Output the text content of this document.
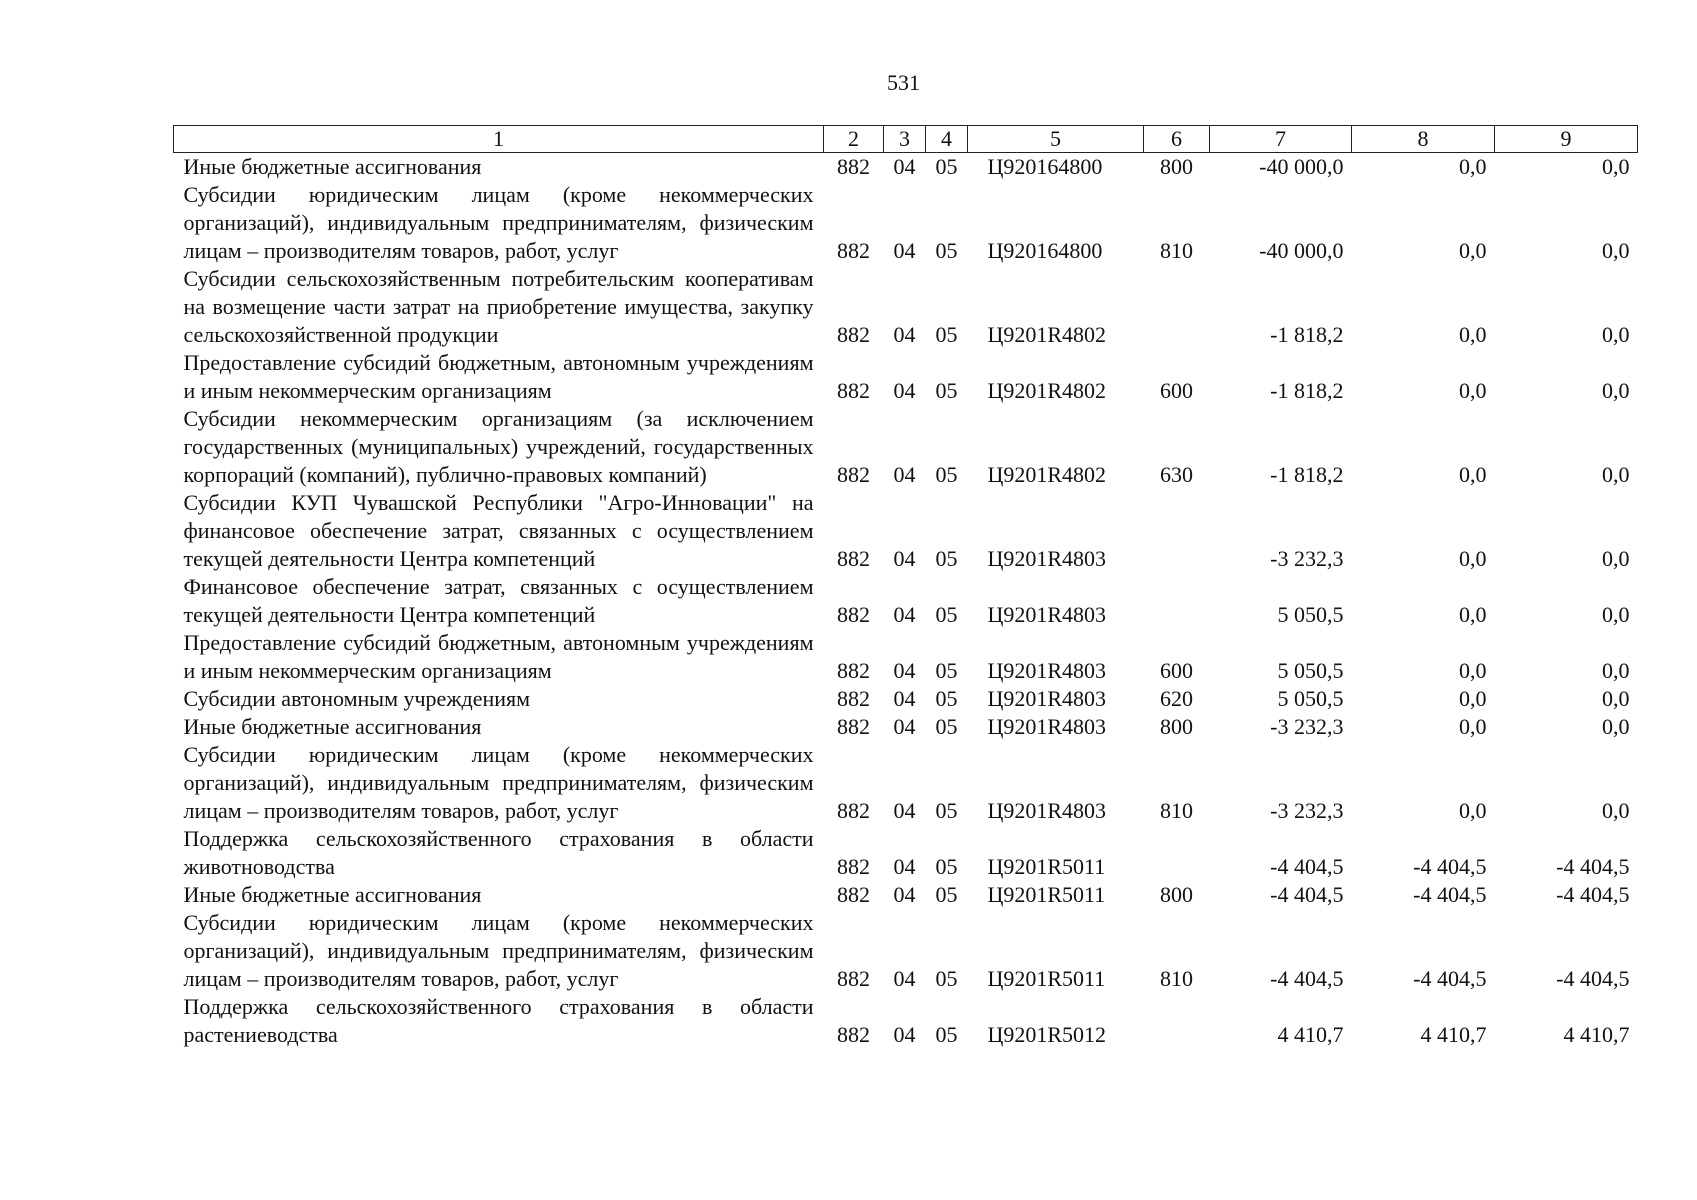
531
1	2	3	4	5	6	7	8	9
Иные бюджетные ассигнования	882	04	05	Ц920164800	800	-40 000,0	0,0	0,0
Субсидии юридическим лицам (кроме некоммерческих организаций), индивидуальным предпринимателям, физическим лицам – производителям товаров, работ, услуг	882	04	05	Ц920164800	810	-40 000,0	0,0	0,0
Субсидии сельскохозяйственным потребительским кооперативам на возмещение части затрат на приобретение имущества, закупку сельскохозяйственной продукции	882	04	05	Ц9201R4802		-1 818,2	0,0	0,0
Предоставление субсидий бюджетным, автономным учреждениям и иным некоммерческим организациям	882	04	05	Ц9201R4802	600	-1 818,2	0,0	0,0
Субсидии некоммерческим организациям (за исключением государственных (муниципальных) учреждений, государственных корпораций (компаний), публично-правовых компаний)	882	04	05	Ц9201R4802	630	-1 818,2	0,0	0,0
Субсидии КУП Чувашской Республики "Агро-Инновации" на финансовое обеспечение затрат, связанных с осуществлением текущей деятельности Центра компетенций	882	04	05	Ц9201R4803		-3 232,3	0,0	0,0
Финансовое обеспечение затрат, связанных с осуществлением текущей деятельности Центра компетенций	882	04	05	Ц9201R4803		5 050,5	0,0	0,0
Предоставление субсидий бюджетным, автономным учреждениям и иным некоммерческим организациям	882	04	05	Ц9201R4803	600	5 050,5	0,0	0,0
Субсидии автономным учреждениям	882	04	05	Ц9201R4803	620	5 050,5	0,0	0,0
Иные бюджетные ассигнования	882	04	05	Ц9201R4803	800	-3 232,3	0,0	0,0
Субсидии юридическим лицам (кроме некоммерческих организаций), индивидуальным предпринимателям, физическим лицам – производителям товаров, работ, услуг	882	04	05	Ц9201R4803	810	-3 232,3	0,0	0,0
Поддержка сельскохозяйственного страхования в области животноводства	882	04	05	Ц9201R5011		-4 404,5	-4 404,5	-4 404,5
Иные бюджетные ассигнования	882	04	05	Ц9201R5011	800	-4 404,5	-4 404,5	-4 404,5
Субсидии юридическим лицам (кроме некоммерческих организаций), индивидуальным предпринимателям, физическим лицам – производителям товаров, работ, услуг	882	04	05	Ц9201R5011	810	-4 404,5	-4 404,5	-4 404,5
Поддержка сельскохозяйственного страхования в области растениеводства	882	04	05	Ц9201R5012		4 410,7	4 410,7	4 410,7
